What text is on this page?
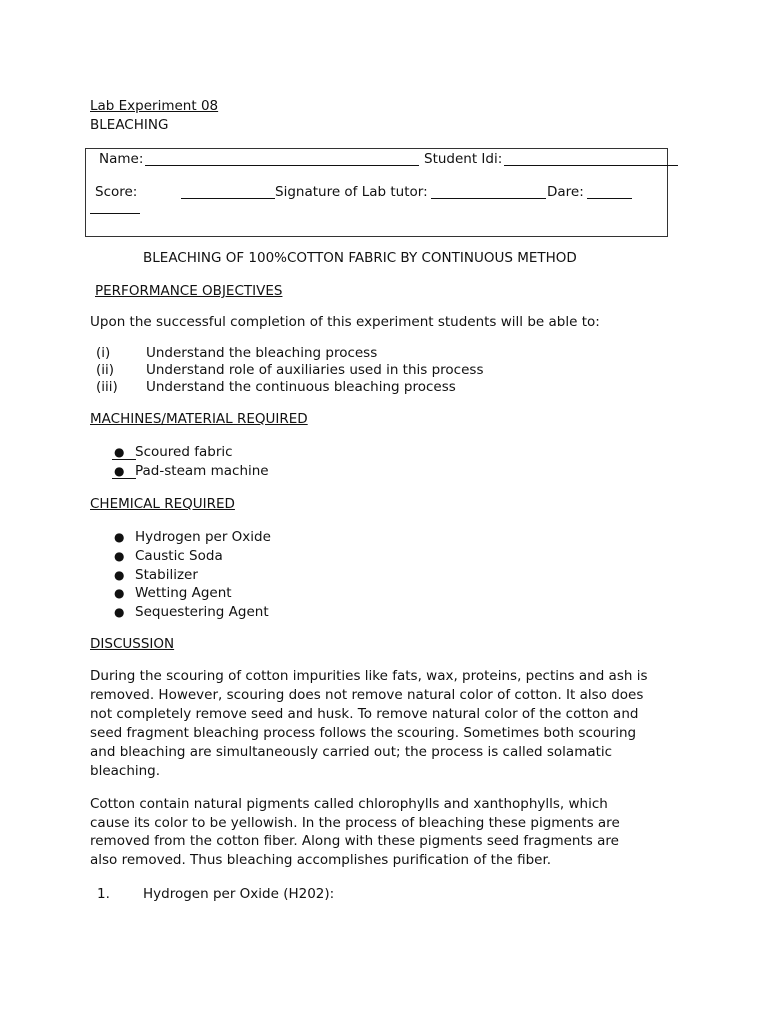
Lab Experiment 08
BLEACHING
Name:	Student Idi:
Score:	Signature of Lab tutor:	Dare:
BLEACHING OF 100%COTTON FABRIC BY CONTINUOUS METHOD
PERFORMANCE OBJECTIVES
Upon the successful completion of this experiment students will be able to:
(i)	Understand the bleaching process
(ii) Understand role of auxiliaries used in this process
(iii) Understand the continuous bleaching process
MACHINES/MATERIAL REQUIRED
● Scoured fabric
● Pad-steam machine
CHEMICAL REQUIRED
● Hydrogen per Oxide
● Caustic Soda
● Stabilizer
● Wetting Agent
● Sequestering Agent
DISCUSSION
During the scouring of cotton impurities like fats, wax, proteins, pectins and ash is
removed. However, scouring does not remove natural color of cotton. It also does
not completely remove seed and husk. To remove natural color of the cotton and
seed fragment bleaching process follows the scouring. Sometimes both scouring
and bleaching are simultaneously carried out; the process is called solamatic
bleaching.
Cotton contain natural pigments called chlorophylls and xanthophylls, which
cause its color to be yellowish. In the process of bleaching these pigments are
removed from the cotton fiber. Along with these pigments seed fragments are
also removed. Thus bleaching accomplishes purification of the fiber.
1. Hydrogen per Oxide (H202):
